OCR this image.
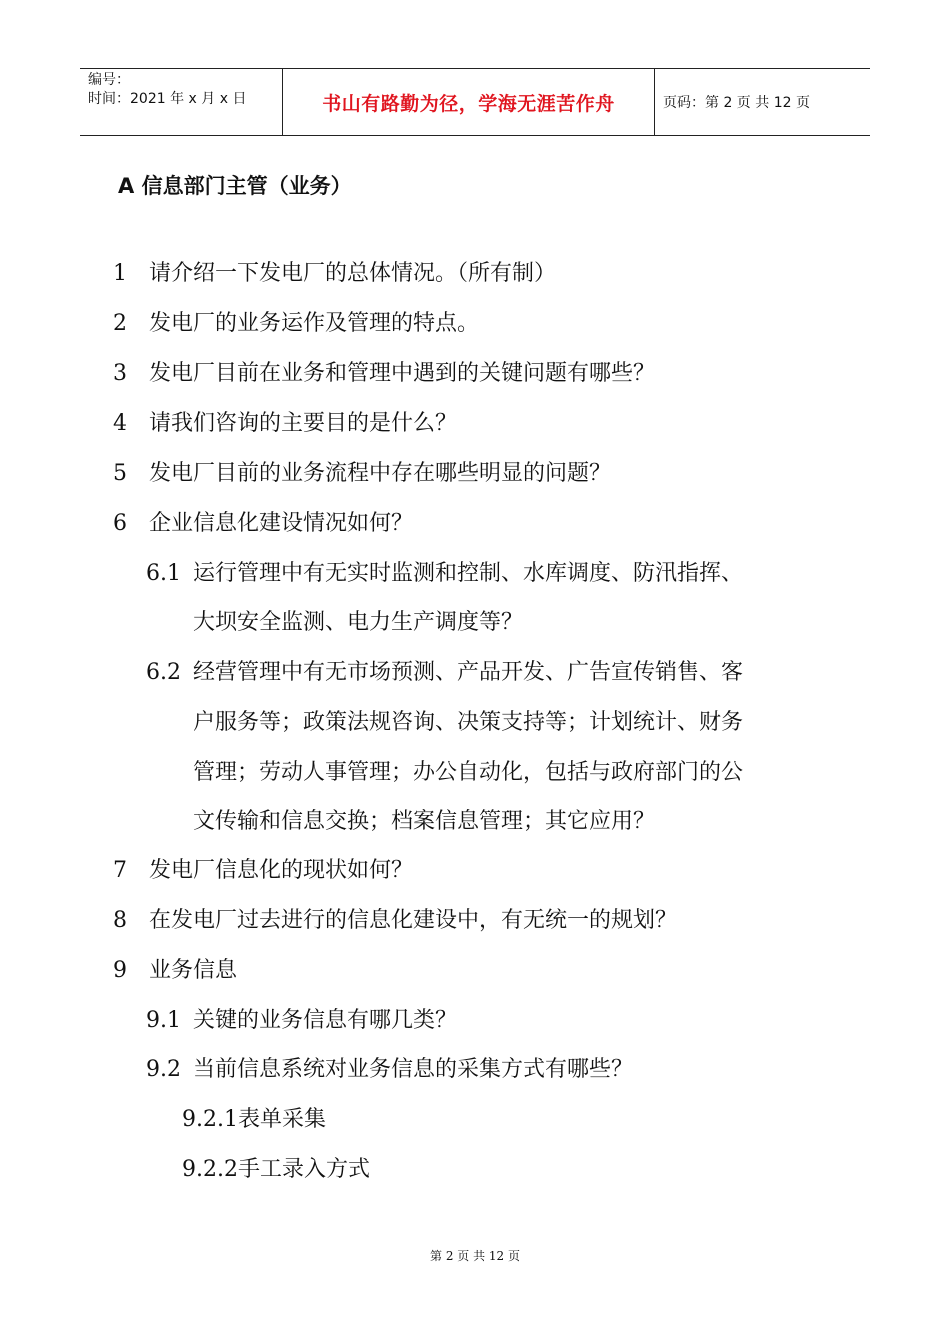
编号：
时间：2021 年 x 月 x 日	书山有路勤为径，学海无涯苦作舟	页码：第 2 页 共 12 页
A 信息部门主管（业务）
1 请介绍一下发电厂的总体情况。（所有制）
2 发电厂的业务运作及管理的特点。
3 发电厂目前在业务和管理中遇到的关键问题有哪些？
4 请我们咨询的主要目的是什么？
5 发电厂目前的业务流程中存在哪些明显的问题？
6 企业信息化建设情况如何？
6.1 运行管理中有无实时监测和控制、水库调度、防汛指挥、
大坝安全监测、电力生产调度等？
6.2 经营管理中有无市场预测、产品开发、广告宣传销售、客
户服务等；政策法规咨询、决策支持等；计划统计、财务
管理；劳动人事管理；办公自动化，包括与政府部门的公
文传输和信息交换；档案信息管理；其它应用？
7 发电厂信息化的现状如何？
8 在发电厂过去进行的信息化建设中，有无统一的规划？
9 业务信息
9.1 关键的业务信息有哪几类？
9.2 当前信息系统对业务信息的采集方式有哪些？
9.2.1表单采集
9.2.2手工录入方式
第 2 页 共 12 页
